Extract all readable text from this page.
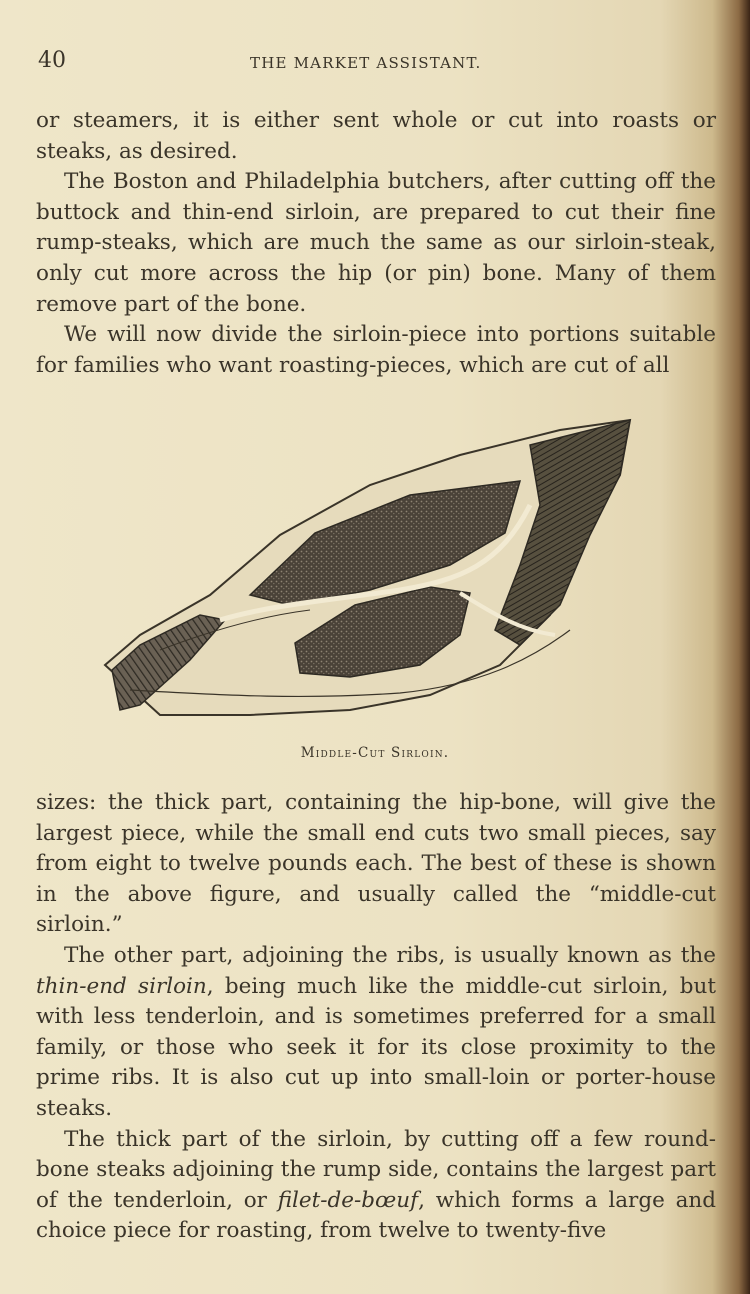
40	THE MARKET ASSISTANT.

or steamers, it is either sent whole or cut into roasts or steaks, as desired.

The Boston and Philadelphia butchers, after cutting off the buttock and thin-end sirloin, are prepared to cut their fine rump-steaks, which are much the same as our sirloin-steak, only cut more across the hip (or pin) bone. Many of them remove part of the bone.

We will now divide the sirloin-piece into portions suitable for families who want roasting-pieces, which are cut of all

Middle-Cut Sirloin.

sizes: the thick part, containing the hip-bone, will give the largest piece, while the small end cuts two small pieces, say from eight to twelve pounds each. The best of these is shown in the above figure, and usually called the “middle-cut sirloin.”

The other part, adjoining the ribs, is usually known as the thin-end sirloin, being much like the middle-cut sirloin, but with less tenderloin, and is sometimes preferred for a small family, or those who seek it for its close proximity to the prime ribs. It is also cut up into small-loin or porter-house steaks.

The thick part of the sirloin, by cutting off a few round-bone steaks adjoining the rump side, contains the largest part of the tenderloin, or filet-de-bœuf, which forms a large and choice piece for roasting, from twelve to twenty-five
